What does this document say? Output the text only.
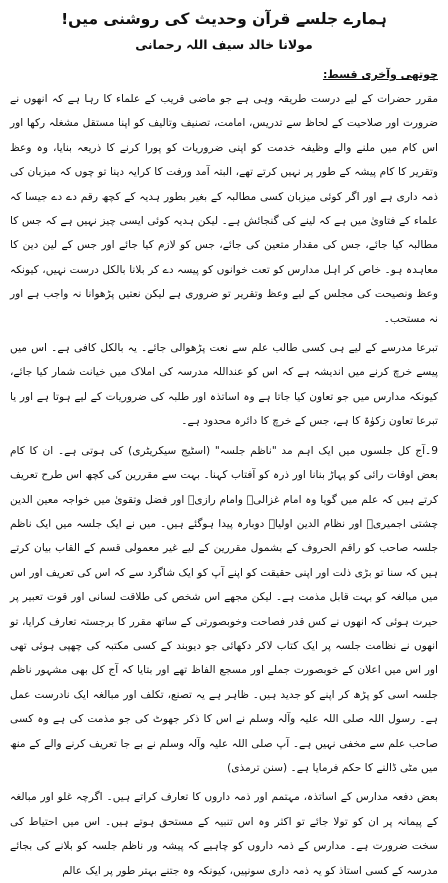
ہمارے جلسے قرآن وحدیث کی روشنی میں!
مولانا خالد سیف اللہ رحمانی
چوتھی وآخری قسط:

مقرر حضرات کے لیے درست طریقہ وہی ہے جو ماضی قریب کے علماء کا رہا ہے کہ انھوں نے ضرورت اور صلاحیت کے لحاظ سے تدریس، امامت، تصنیف وتالیف کو اپنا مستقل مشغلہ رکھا اور اس کام میں ملنے والے وظیفہ خدمت کو اپنی ضروریات کو پورا کرنے کا ذریعہ بنایا، وہ وعظ وتقریر کا کام پیشہ کے طور پر نہیں کرتے تھے، البتہ آمد ورفت کا کرایہ دینا تو چوں کہ میزبان کی ذمہ داری ہے اور اگر کوئی میزبان کسی مطالبہ کے بغیر بطور ہدیہ کے کچھ رقم دے دے جیسا کہ علماء کے فتاویٰ میں ہے کہ لینے کی گنجائش ہے۔ لیکن ہدیہ کوئی ایسی چیز نہیں ہے کہ جس کا مطالبہ کیا جائے، جس کی مقدار متعین کی جائے، جس کو لازم کیا جائے اور جس کے لین دین کا معاہدہ ہو۔ خاص کر اہل مدارس کو تعت خوانوں کو پیسہ دے کر بلانا بالکل درست نہیں، کیونکہ وعظ ونصیحت کی مجلس کے لیے وعظ وتقریر تو ضروری ہے لیکن نعتیں پڑھوانا نہ واجب ہے اور نہ مستحب۔

تبرعا مدرسے کے لیے ہی کسی طالب علم سے نعت پڑھوالی جائے۔ یہ بالکل کافی ہے۔ اس میں پیسے خرچ کرنے میں اندیشہ ہے کہ اس کو عنداللہ مدرسہ کی املاک میں خیانت شمار کیا جائے، کیونکہ مدارس میں جو تعاون کیا جاتا ہے وہ اساتذہ اور طلبہ کی ضروریات کے لیے ہوتا ہے اور یا تبرعا تعاون زکوٰۃ کا ہے، جس کے خرچ کا دائرہ محدود ہے۔

9۔آج کل جلسوں میں ایک اہم مد "ناظم جلسہ" (اسٹیج سیکریٹری) کی ہوتی ہے۔ ان کا کام بعض اوقات رائی کو پہاڑ بنانا اور ذرہ کو آفتاب کہنا۔ بہت سے مقررین کی کچھ اس طرح تعریف کرتے ہیں کہ علم میں گویا وہ امام غزالیؒ وامام رازیؒ اور فضل وتقویٰ میں خواجہ معین الدین چشتی اجمیریؒ اور نظام الدین اولیاؒ دوبارہ پیدا ہوگئے ہیں۔ میں نے ایک جلسہ میں ایک ناظم جلسہ صاحب کو راقم الحروف کے بشمول مقررین کے لیے غیر معمولی قسم کے القاب بیان کرتے ہیں کہ سنا تو بڑی ذلت اور اپنی حقیقت کو اپنے آپ کو ایک شاگرد سے کہ اس کی تعریف اور اس میں مبالغہ کو بہت قابل مذمت ہے۔ لیکن مجھے اس شخص کی طلاقت لسانی اور قوت تعبیر پر حیرت ہوئی کہ انھوں نے کس قدر فصاحت وخوبصورتی کے ساتھ مقرر کا برجستہ تعارف کرایا، تو انھوں نے نظامت جلسہ پر ایک کتاب لاکر دکھائی جو دیوبند کے کسی مکتبہ کی چھپی ہوئی تھی اور اس میں اعلان کے خوبصورت جملے اور مسجع الفاظ تھے اور بتایا کہ آج کل بھی مشہور ناظم جلسہ اسی کو پڑھ کر اپنے کو جدید ہیں۔ ظاہر ہے یہ تصنع، تکلف اور مبالغہ ایک نادرست عمل ہے۔ رسول اللہ صلی اللہ علیہ وآلہ وسلم نے اس کا ذکر جھوٹ کی جو مذمت کی ہے وہ کسی صاحب علم سے مخفی نہیں ہے۔ آپ صلی اللہ علیہ وآلہ وسلم نے بے جا تعریف کرنے والے کے منھ میں مٹی ڈالنے کا حکم فرمایا ہے۔ (سنن ترمذی)

بعض دفعہ مدارس کے اساتذہ، مہتمم اور ذمہ داروں کا تعارف کراتے ہیں۔ اگرچہ غلو اور مبالغہ کے پیمانہ پر ان کو تولا جائے تو اکثر وہ اس تنبیہ کے مستحق ہوتے ہیں۔ اس میں احتیاط کی سخت ضرورت ہے۔ مدارس کے ذمہ داروں کو چاہیے کہ پیشہ ور ناظم جلسہ کو بلانے کی بجائے مدرسہ کے کسی استاذ کو یہ ذمہ داری سونپیں، کیونکہ وہ جتنے بہتر طور پر ایک عالم
